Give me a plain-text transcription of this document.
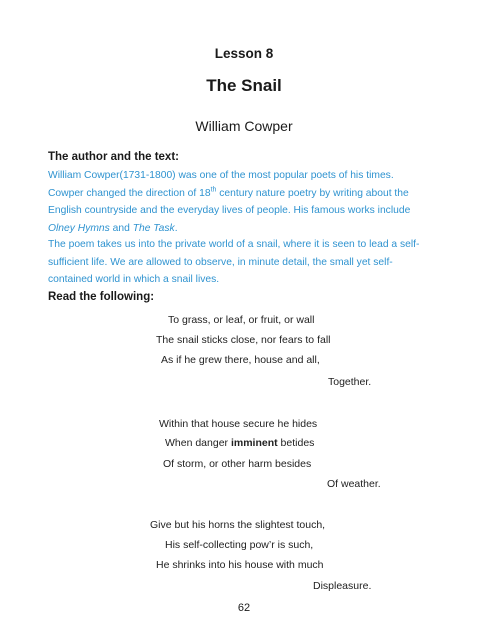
Lesson 8
The Snail
William Cowper
The author and the text:
William Cowper(1731-1800) was one of the most popular poets of his times.
Cowper changed the direction of 18th century nature poetry by writing about the
English countryside and the everyday lives of people. His famous works include
Olney Hymns and The Task.
The poem takes us into the private world of a snail, where it is seen to lead a self-
sufficient life. We are allowed to observe, in minute detail, the small yet self-
contained world in which a snail lives.
Read the following:
To grass, or leaf, or fruit, or wall
The snail sticks close, nor fears to fall
As if he grew there, house and all,
Together.
Within that house secure he hides
When danger imminent betides
Of storm, or other harm besides
Of weather.
Give but his horns the slightest touch,
His self-collecting pow’r is such,
He shrinks into his house with much
Displeasure.
62
